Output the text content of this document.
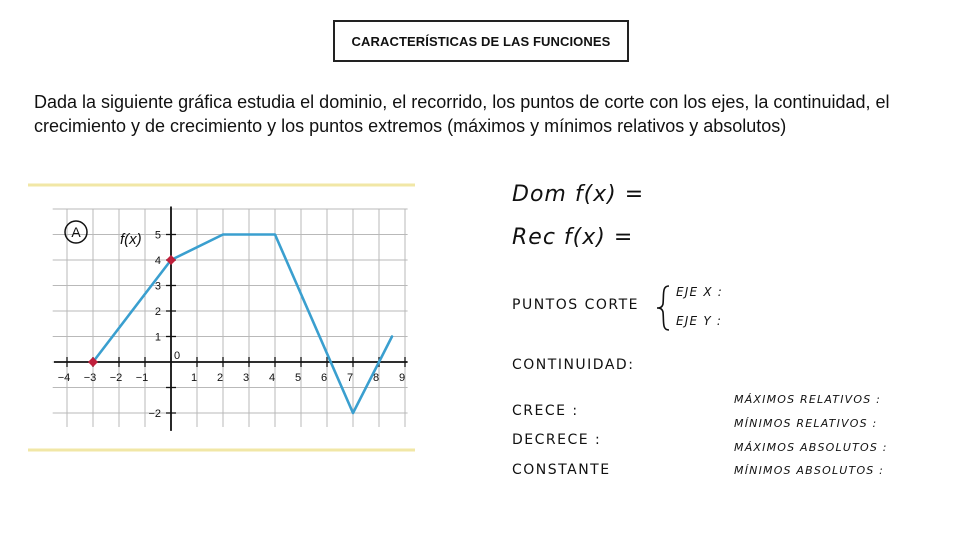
CARACTERÍSTICAS DE LAS FUNCIONES

Dada la siguiente gráfica estudia el dominio, el recorrido, los puntos de corte con los ejes, la continuidad, el crecimiento y de crecimiento y los puntos extremos (máximos y mínimos relativos y absolutos)

−4 −3 −2 −1
0
1 2 3 4 5 6 7 8 9
−2
1
2
3
4
5
f(x)
A

Dom f(x) =

Rec f(x) =

PUNTOS CORTE

EJE X :

EJE Y :

CONTINUIDAD:

CRECE :

DECRECE :

CONSTANTE

MÁXIMOS RELATIVOS :

MÍNIMOS RELATIVOS :

MÁXIMOS ABSOLUTOS :

MÍNIMOS ABSOLUTOS :
